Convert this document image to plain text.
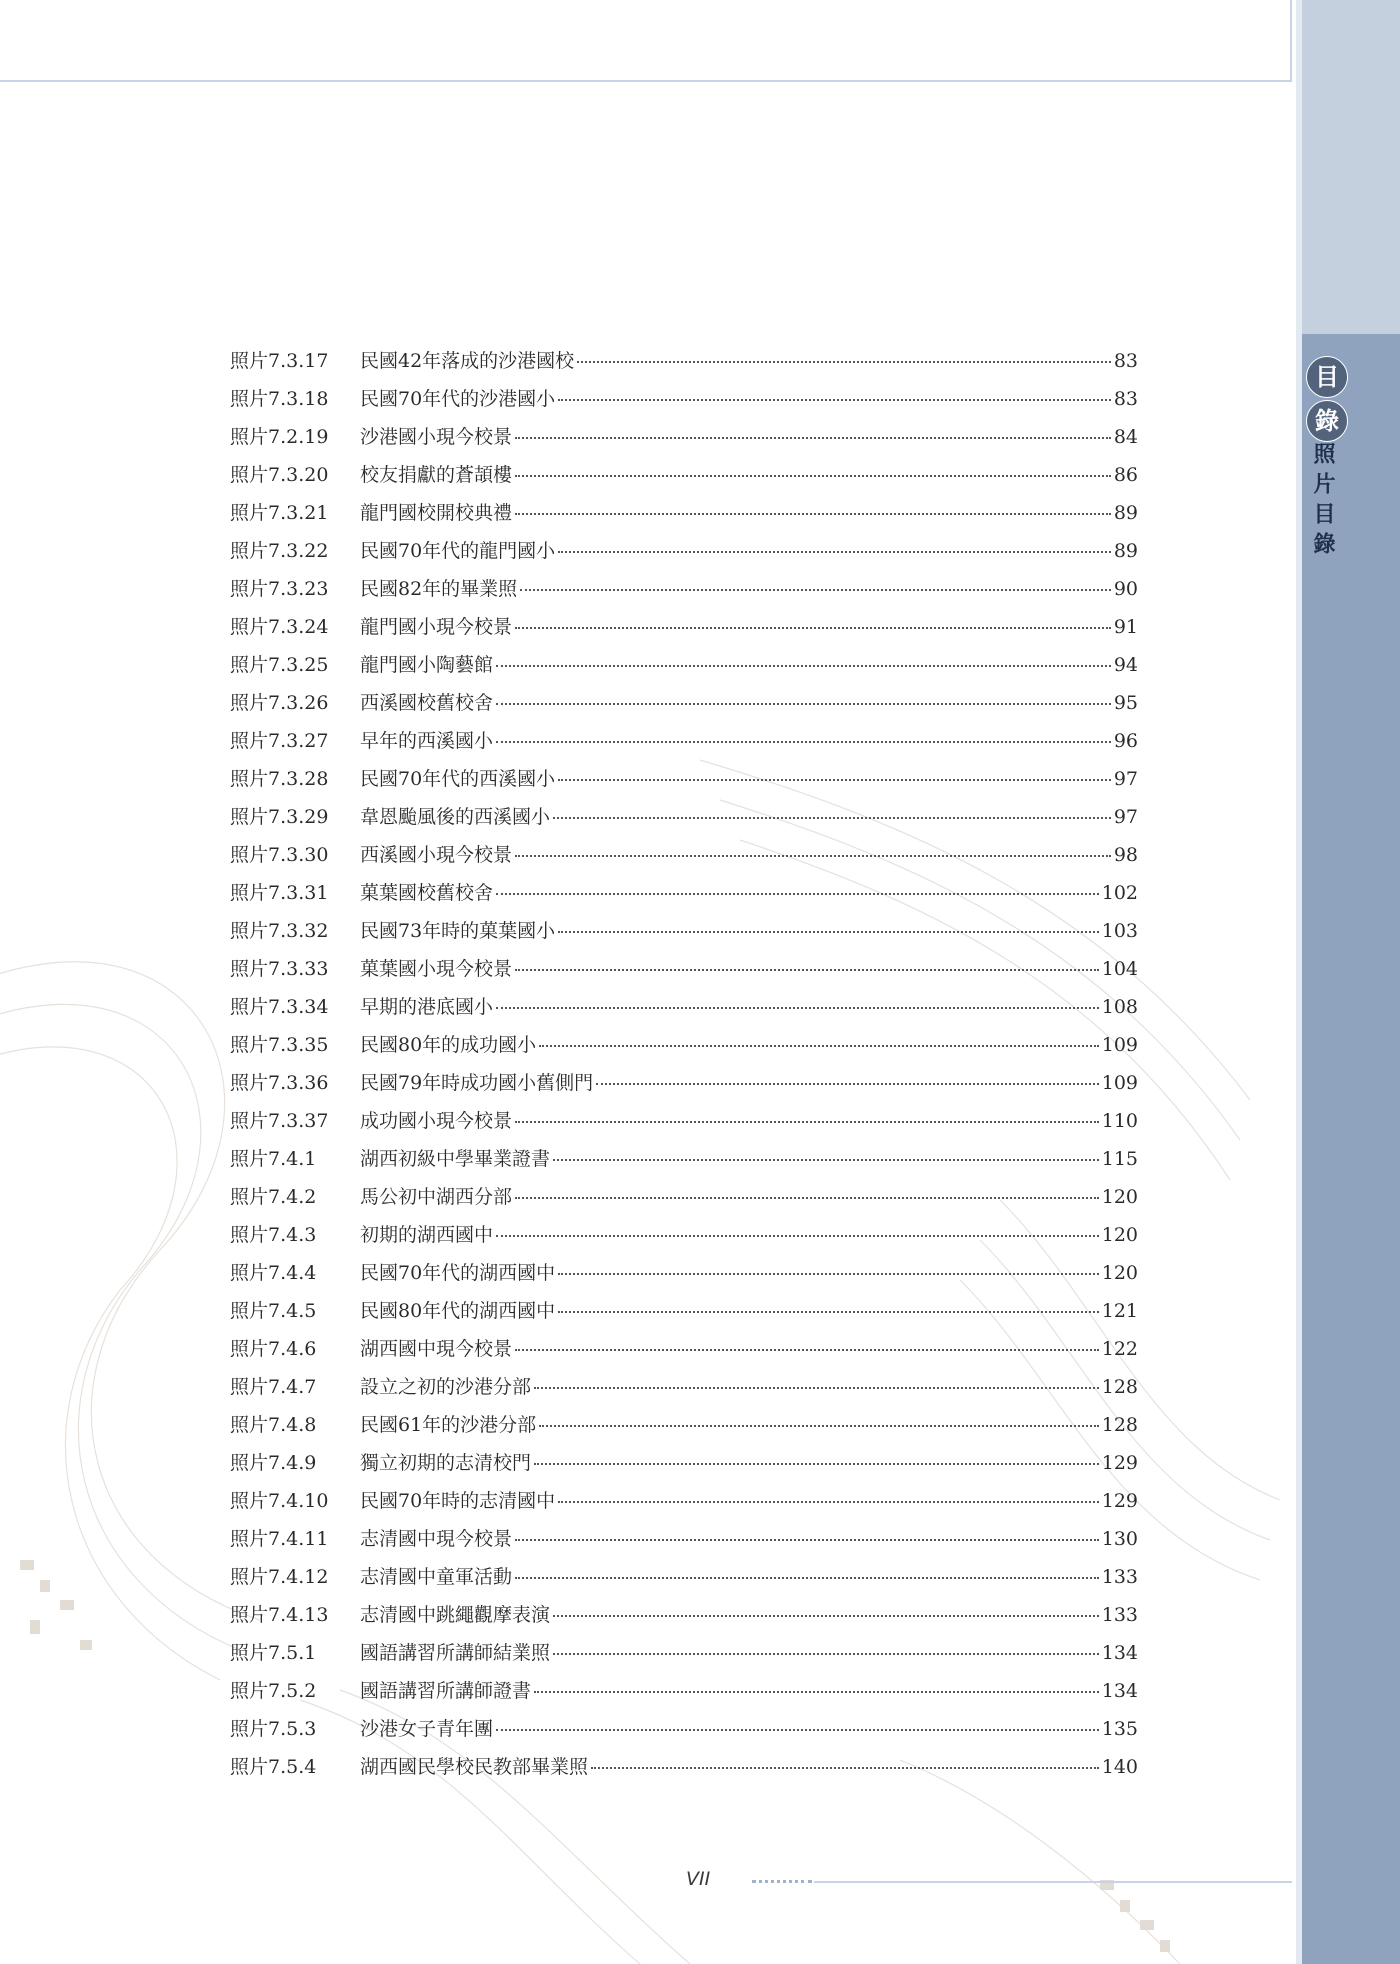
目
錄
照片目錄
照片7.3.17	民國42年落成的沙港國校	83
照片7.3.18	民國70年代的沙港國小	83
照片7.2.19	沙港國小現今校景	84
照片7.3.20	校友捐獻的蒼頡樓	86
照片7.3.21	龍門國校開校典禮	89
照片7.3.22	民國70年代的龍門國小	89
照片7.3.23	民國82年的畢業照	90
照片7.3.24	龍門國小現今校景	91
照片7.3.25	龍門國小陶藝館	94
照片7.3.26	西溪國校舊校舍	95
照片7.3.27	早年的西溪國小	96
照片7.3.28	民國70年代的西溪國小	97
照片7.3.29	韋恩颱風後的西溪國小	97
照片7.3.30	西溪國小現今校景	98
照片7.3.31	菓葉國校舊校舍	102
照片7.3.32	民國73年時的菓葉國小	103
照片7.3.33	菓葉國小現今校景	104
照片7.3.34	早期的港底國小	108
照片7.3.35	民國80年的成功國小	109
照片7.3.36	民國79年時成功國小舊側門	109
照片7.3.37	成功國小現今校景	110
照片7.4.1	湖西初級中學畢業證書	115
照片7.4.2	馬公初中湖西分部	120
照片7.4.3	初期的湖西國中	120
照片7.4.4	民國70年代的湖西國中	120
照片7.4.5	民國80年代的湖西國中	121
照片7.4.6	湖西國中現今校景	122
照片7.4.7	設立之初的沙港分部	128
照片7.4.8	民國61年的沙港分部	128
照片7.4.9	獨立初期的志清校門	129
照片7.4.10	民國70年時的志清國中	129
照片7.4.11	志清國中現今校景	130
照片7.4.12	志清國中童軍活動	133
照片7.4.13	志清國中跳繩觀摩表演	133
照片7.5.1	國語講習所講師結業照	134
照片7.5.2	國語講習所講師證書	134
照片7.5.3	沙港女子青年團	135
照片7.5.4	湖西國民學校民教部畢業照	140
VII
